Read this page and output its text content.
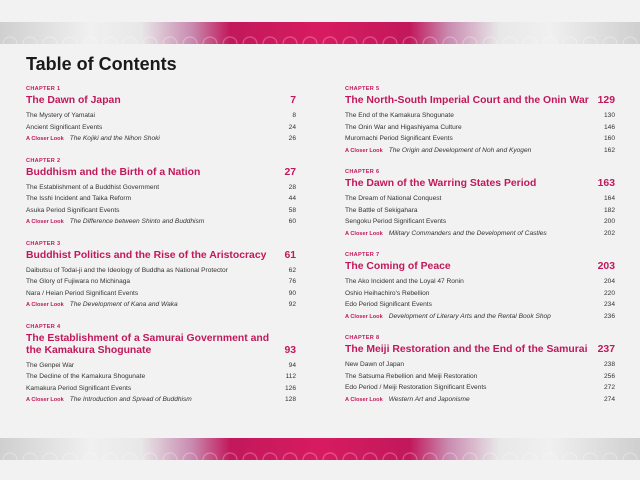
Table of Contents
CHAPTER 1
The Dawn of Japan	7
The Mystery of Yamatai	8
Ancient Significant Events	24
A Closer Look The Kojiki and the Nihon Shoki	26
CHAPTER 2
Buddhism and the Birth of a Nation	27
The Establishment of a Buddhist Government	28
The Isshi Incident and Taika Reform	44
Asuka Period Significant Events	58
A Closer Look The Difference between Shinto and Buddhism	60
CHAPTER 3
Buddhist Politics and the Rise of the Aristocracy 61
Daibutsu of Todai-ji and the Ideology of Buddha as National Protector	62
The Glory of Fujiwara no Michinaga	76
Nara / Heian Period Significant Events	90
A Closer Look The Development of Kana and Waka	92
CHAPTER 4
The Establishment of a Samurai Government and the Kamakura Shogunate	93
The Genpei War	94
The Decline of the Kamakura Shogunate	112
Kamakura Period Significant Events	126
A Closer Look The Introduction and Spread of Buddhism	128
CHAPTER 5
The North-South Imperial Court and the Onin War 129
The End of the Kamakura Shogunate	130
The Onin War and Higashiyama Culture	146
Muromachi Period Significant Events	160
A Closer Look The Origin and Development of Noh and Kyogen	162
CHAPTER 6
The Dawn of the Warring States Period	163
The Dream of National Conquest	164
The Battle of Sekigahara	182
Sengoku Period Significant Events	200
A Closer Look Military Commanders and the Development of Castles	202
CHAPTER 7
The Coming of Peace	203
The Ako Incident and the Loyal 47 Ronin	204
Oshio Heihachiro's Rebellion	220
Edo Period Significant Events	234
A Closer Look Development of Literary Arts and the Rental Book Shop	236
CHAPTER 8
The Meiji Restoration and the End of the Samurai 237
New Dawn of Japan	238
The Satsuma Rebellion and Meiji Restoration	256
Edo Period / Meiji Restoration Significant Events	272
A Closer Look Western Art and Japonisme	274
